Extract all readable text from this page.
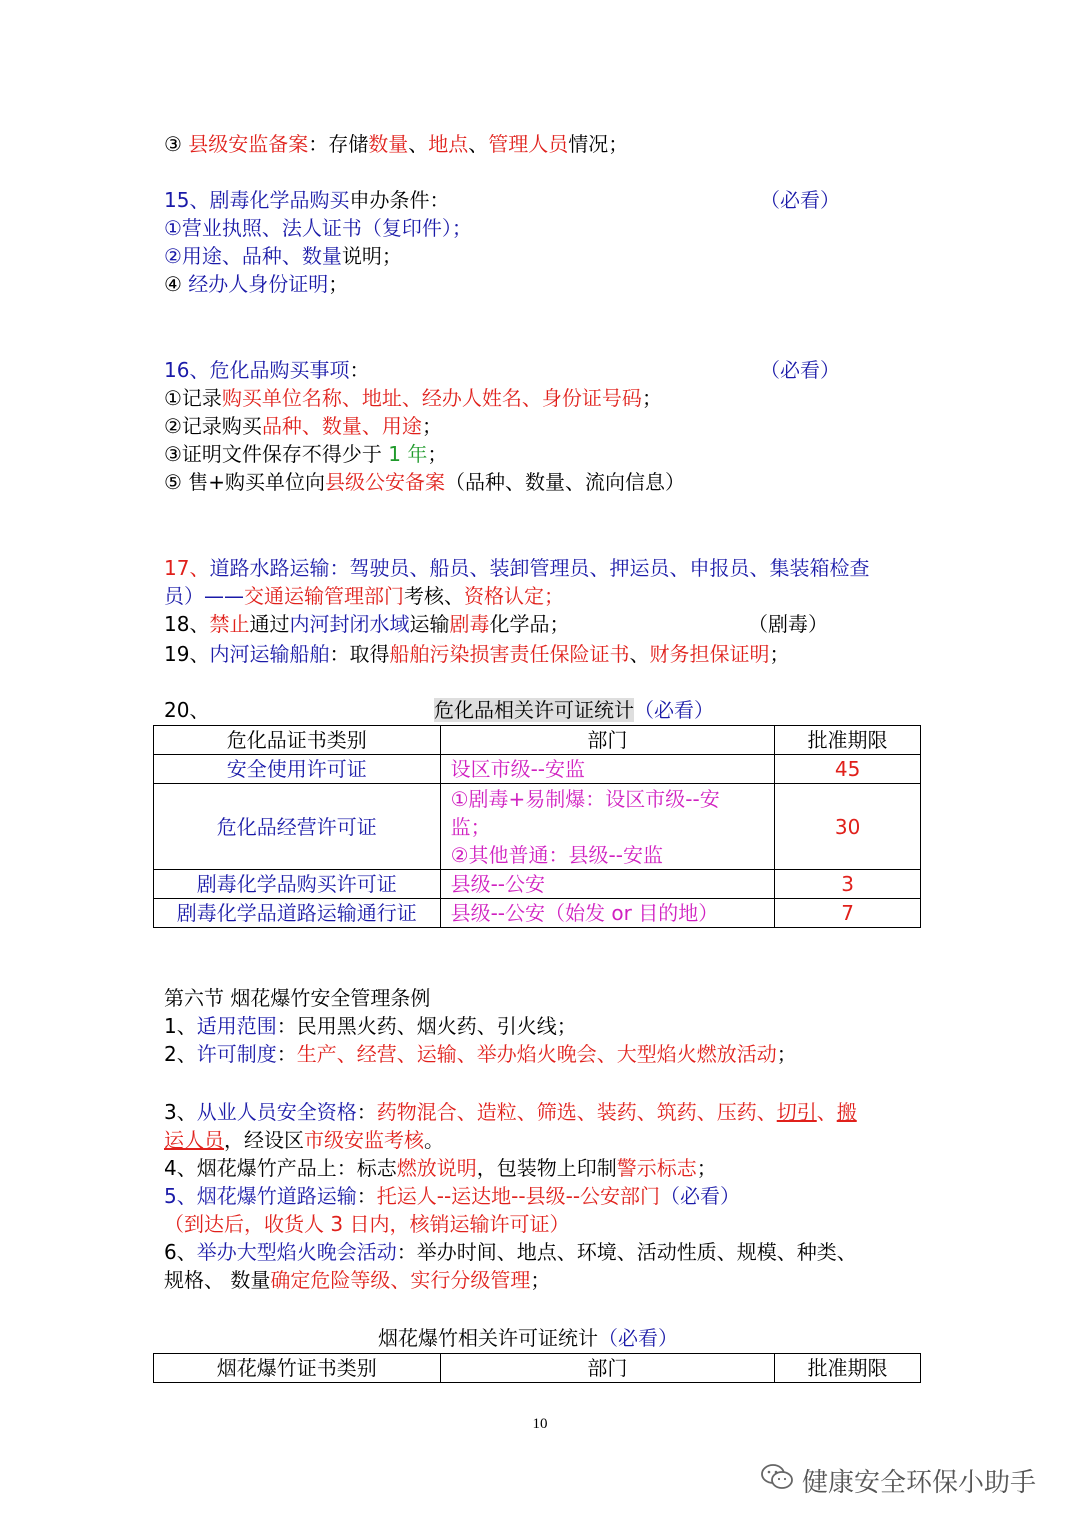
③ 县级安监备案：存储数量、地点、管理人员情况；
15、剧毒化学品购买申办条件：	（必看）
①营业执照、法人证书（复印件）；
②用途、品种、数量说明；
④ 经办人身份证明；
16、危化品购买事项：	（必看）
①记录购买单位名称、地址、经办人姓名、身份证号码；
②记录购买品种、数量、用途；
③证明文件保存不得少于 1 年；
⑤ 售+购买单位向县级公安备案（品种、数量、流向信息）
17、道路水路运输：驾驶员、船员、装卸管理员、押运员、申报员、集装箱检查
员）——交通运输管理部门考核、资格认定；
18、禁止通过内河封闭水域运输剧毒化学品；	（剧毒）
19、内河运输船舶：取得船舶污染损害责任保险证书、财务担保证明；
20、	危化品相关许可证统计（必看）
危化品证书类别	部门	批准期限
安全使用许可证	设区市级--安监	45
危化品经营许可证	①剧毒+易制爆：设区市级--安
监；
②其他普通：县级--安监	30
剧毒化学品购买许可证	县级--公安	3
剧毒化学品道路运输通行证	县级--公安（始发 or 目的地）	7
第六节 烟花爆竹安全管理条例
1、适用范围：民用黑火药、烟火药、引火线；
2、许可制度：生产、经营、运输、举办焰火晚会、大型焰火燃放活动；
3、从业人员安全资格：药物混合、造粒、筛选、装药、筑药、压药、切引、搬
运人员，经设区市级安监考核。
4、烟花爆竹产品上：标志燃放说明，包装物上印制警示标志；
5、烟花爆竹道路运输：托运人--运达地--县级--公安部门（必看）
（到达后，收货人 3 日内，核销运输许可证）
6、举办大型焰火晚会活动：举办时间、地点、环境、活动性质、规模、种类、
规格、 数量确定危险等级、实行分级管理；
烟花爆竹相关许可证统计（必看）
烟花爆竹证书类别	部门	批准期限
10
健康安全环保小助手
